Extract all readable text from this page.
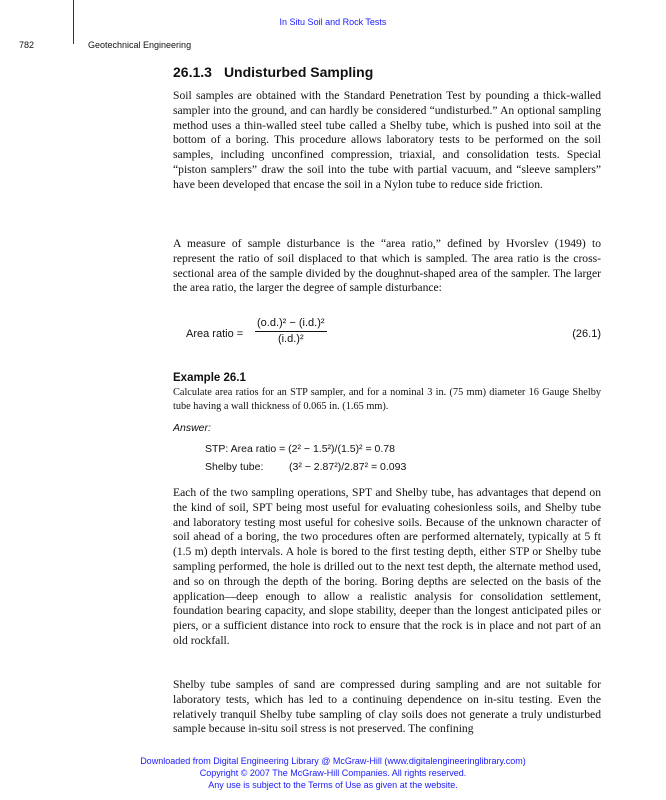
In Situ Soil and Rock Tests
782	Geotechnical Engineering
26.1.3 Undisturbed Sampling

Soil samples are obtained with the Standard Penetration Test by pounding a thick-walled sampler into the ground, and can hardly be considered “undisturbed.” An optional sampling method uses a thin-walled steel tube called a Shelby tube, which is pushed into soil at the bottom of a boring. This procedure allows laboratory tests to be performed on the soil samples, including unconfined compression, triaxial, and consolidation tests. Special “piston samplers” draw the soil into the tube with partial vacuum, and “sleeve samplers” have been developed that encase the soil in a Nylon tube to reduce side friction.

A measure of sample disturbance is the “area ratio,” defined by Hvorslev (1949) to represent the ratio of soil displaced to that which is sampled. The area ratio is the cross-sectional area of the sample divided by the doughnut-shaped area of the sampler. The larger the area ratio, the larger the degree of sample disturbance:

Area ratio = $\frac{\text{(o.d.)² − (i.d.)²}}{\text{(i.d.)²}}$	(26.1)
Example 26.1

Calculate area ratios for an STP sampler, and for a nominal 3 in. (75 mm) diameter 16 Gauge Shelby tube having a wall thickness of 0.065 in. (1.65 mm).

Answer:
STP: Area ratio = (2² − 1.5²)/(1.5)² = 0.78
Shelby tube: (3² − 2.87²)/2.87² = 0.093

Each of the two sampling operations, SPT and Shelby tube, has advantages that depend on the kind of soil, SPT being most useful for evaluating cohesionless soils, and Shelby tube and laboratory testing most useful for cohesive soils. Because of the unknown character of soil ahead of a boring, the two procedures often are performed alternately, typically at 5 ft (1.5 m) depth intervals. A hole is bored to the first testing depth, either STP or Shelby tube sampling performed, the hole is drilled out to the next test depth, the alternate method used, and so on through the depth of the boring. Boring depths are selected on the basis of the application—deep enough to allow a realistic analysis for consolidation settlement, foundation bearing capacity, and slope stability, deeper than the longest anticipated piles or piers, or a sufficient distance into rock to ensure that the rock is in place and not part of an old rockfall.

Shelby tube samples of sand are compressed during sampling and are not suitable for laboratory tests, which has led to a continuing dependence on in-situ testing. Even the relatively tranquil Shelby tube sampling of clay soils does not generate a truly undisturbed sample because in-situ soil stress is not preserved. The confining

Downloaded from Digital Engineering Library @ McGraw-Hill (www.digitalengineeringlibrary.com)
Copyright © 2007 The McGraw-Hill Companies. All rights reserved.
Any use is subject to the Terms of Use as given at the website.
